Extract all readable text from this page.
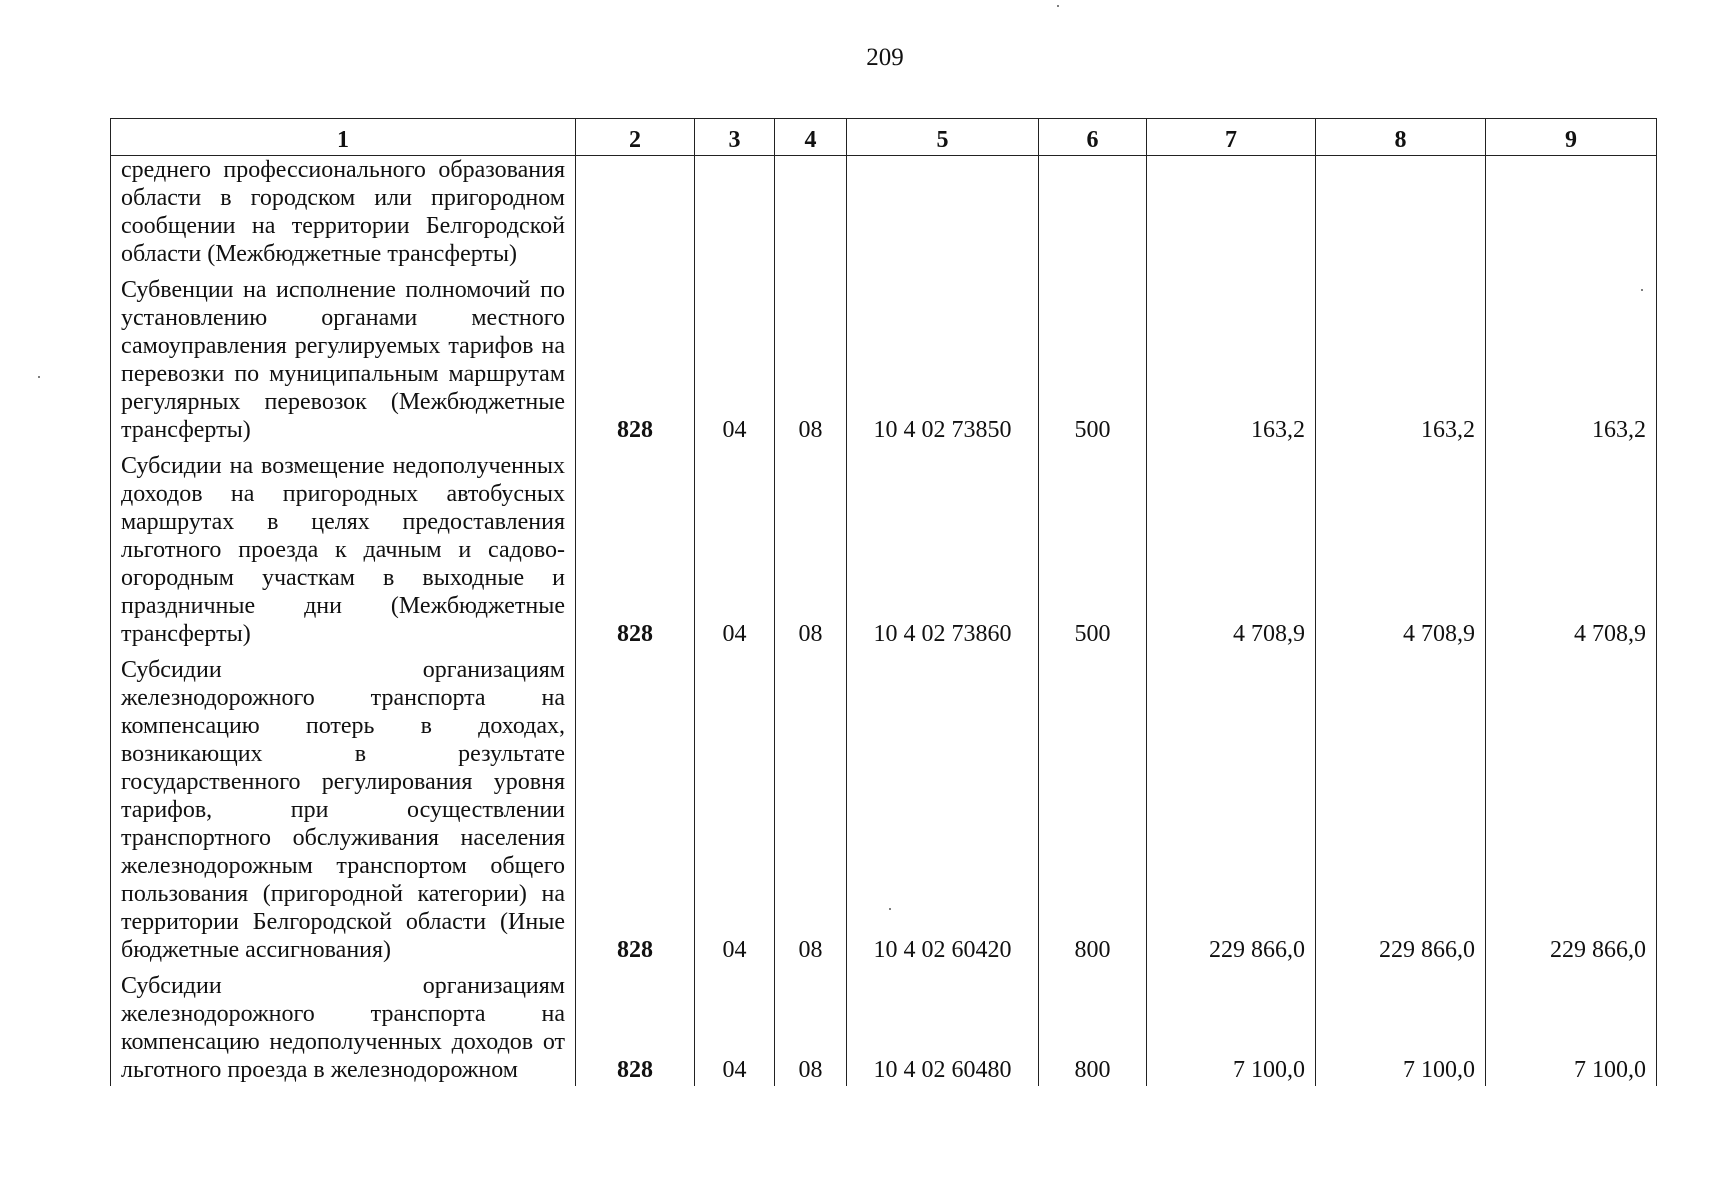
209
1	2	3	4	5	6	7	8	9
среднего профессионального образования области в городском или пригородном сообщении на территории Белгородской области (Межбюджетные трансферты)								
Субвенции на исполнение полномочий по установлению органами местного самоуправления регулируемых тарифов на перевозки по муниципальным маршрутам регулярных перевозок (Межбюджетные трансферты)	828	04	08	10 4 02 73850	500	163,2	163,2	163,2
Субсидии на возмещение недополученных доходов на пригородных автобусных маршрутах в целях предоставления льготного проезда к дачным и садово-огородным участкам в выходные и праздничные дни (Межбюджетные трансферты)	828	04	08	10 4 02 73860	500	4 708,9	4 708,9	4 708,9
Субсидии организациям железнодорожного транспорта на компенсацию потерь в доходах, возникающих в результате государственного регулирования уровня тарифов, при осуществлении транспортного обслуживания населения железнодорожным транспортом общего пользования (пригородной категории) на территории Белгородской области (Иные бюджетные ассигнования)	828	04	08	10 4 02 60420	800	229 866,0	229 866,0	229 866,0
Субсидии организациям железнодорожного транспорта на компенсацию недополученных доходов от льготного проезда в железнодорожном	828	04	08	10 4 02 60480	800	7 100,0	7 100,0	7 100,0
